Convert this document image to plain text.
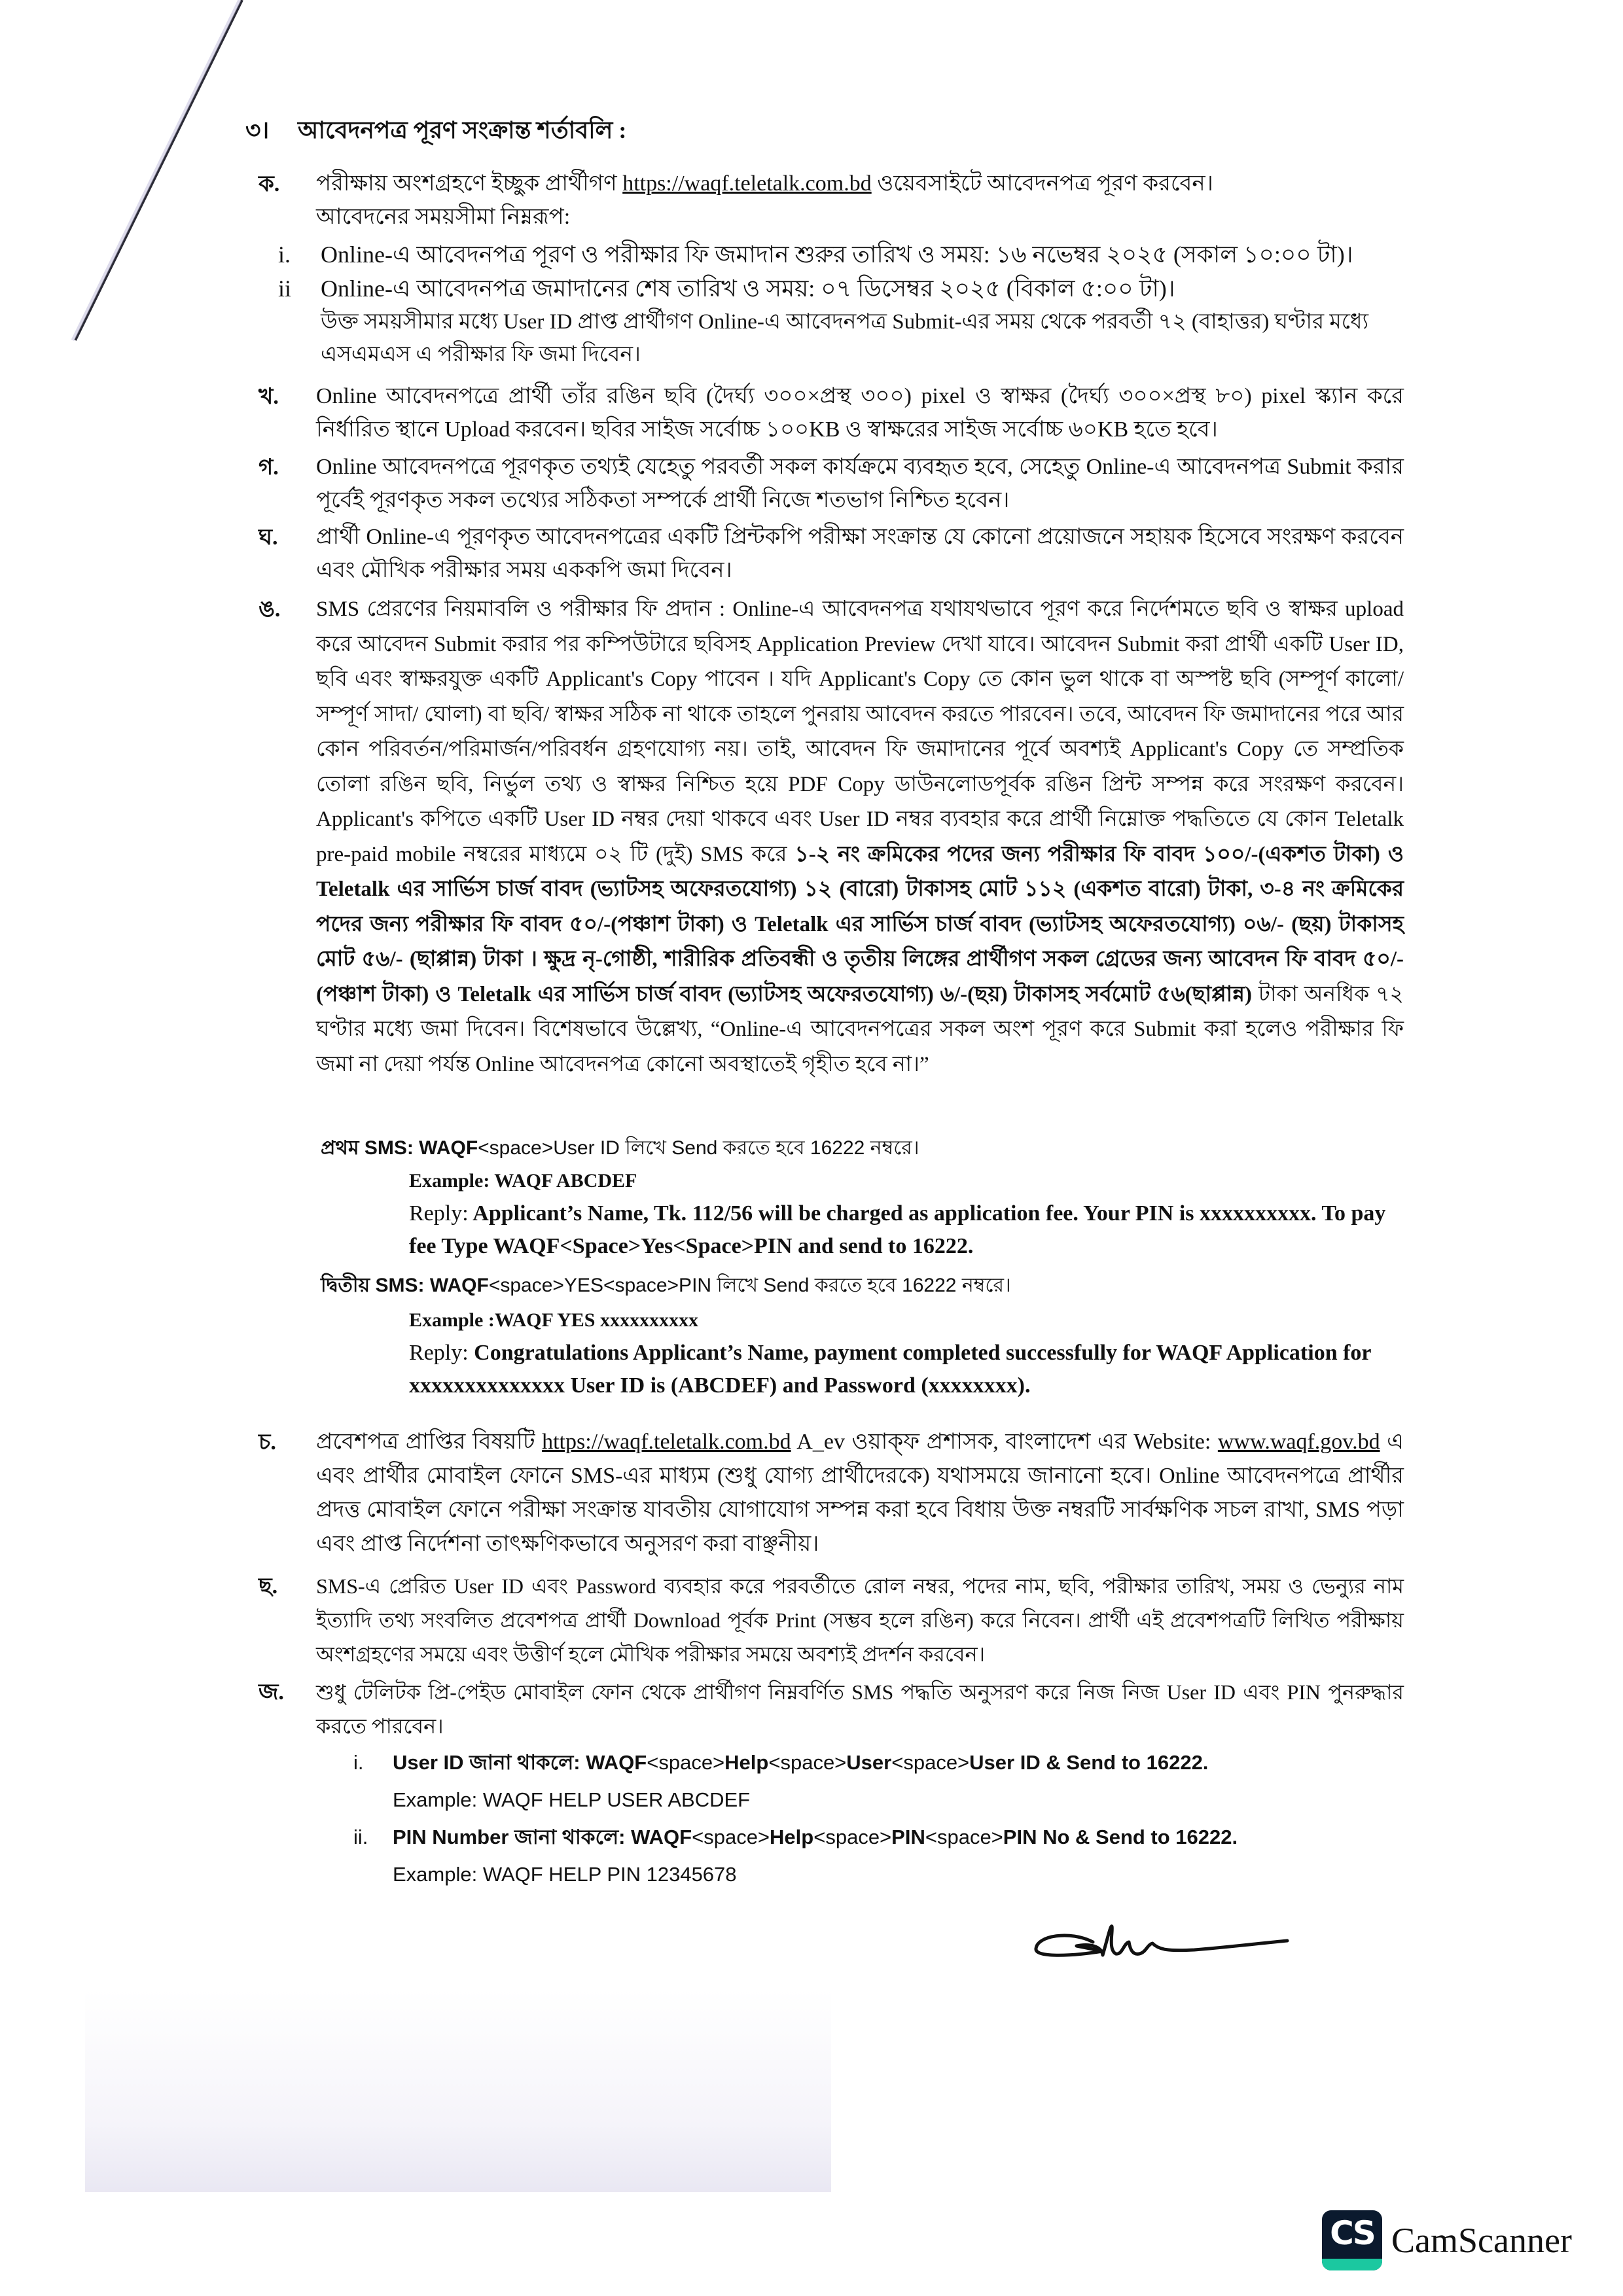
৩। আবেদনপত্র পূরণ সংক্রান্ত শর্তাবলি :
ক. পরীক্ষায় অংশগ্রহণে ইচ্ছুক প্রার্থীগণ https://waqf.teletalk.com.bd ওয়েবসাইটে আবেদনপত্র পূরণ করবেন।
আবেদনের সময়সীমা নিম্নরূপ:
i. Online-এ আবেদনপত্র পূরণ ও পরীক্ষার ফি জমাদান শুরুর তারিখ ও সময়: ১৬ নভেম্বর ২০২৫ (সকাল ১০:০০ টা)।
ii Online-এ আবেদনপত্র জমাদানের শেষ তারিখ ও সময়: ০৭ ডিসেম্বর ২০২৫ (বিকাল ৫:০০ টা)।
উক্ত সময়সীমার মধ্যে User ID প্রাপ্ত প্রার্থীগণ Online-এ আবেদনপত্র Submit-এর সময় থেকে পরবর্তী ৭২ (বাহাত্তর) ঘণ্টার মধ্যে এসএমএস এ পরীক্ষার ফি জমা দিবেন।
খ. Online আবেদনপত্রে প্রার্থী তাঁর রঙিন ছবি (দৈর্ঘ্য ৩০০×প্রস্থ ৩০০) pixel ও স্বাক্ষর (দৈর্ঘ্য ৩০০×প্রস্থ ৮০) pixel স্ক্যান করে নির্ধারিত স্থানে Upload করবেন। ছবির সাইজ সর্বোচ্চ ১০০KB ও স্বাক্ষরের সাইজ সর্বোচ্চ ৬০KB হতে হবে।
গ. Online আবেদনপত্রে পূরণকৃত তথ্যই যেহেতু পরবর্তী সকল কার্যক্রমে ব্যবহৃত হবে, সেহেতু Online-এ আবেদনপত্র Submit করার পূর্বেই পূরণকৃত সকল তথ্যের সঠিকতা সম্পর্কে প্রার্থী নিজে শতভাগ নিশ্চিত হবেন।
ঘ. প্রার্থী Online-এ পূরণকৃত আবেদনপত্রের একটি প্রিন্টকপি পরীক্ষা সংক্রান্ত যে কোনো প্রয়োজনে সহায়ক হিসেবে সংরক্ষণ করবেন এবং মৌখিক পরীক্ষার সময় এককপি জমা দিবেন।
ঙ. SMS প্রেরণের নিয়মাবলি ও পরীক্ষার ফি প্রদান : Online-এ আবেদনপত্র যথাযথভাবে পূরণ করে নির্দেশমতে ছবি ও স্বাক্ষর upload করে আবেদন Submit করার পর কম্পিউটারে ছবিসহ Application Preview দেখা যাবে। আবেদন Submit করা প্রার্থী একটি User ID, ছবি এবং স্বাক্ষরযুক্ত একটি Applicant's Copy পাবেন । যদি Applicant's Copy তে কোন ভুল থাকে বা অস্পষ্ট ছবি (সম্পূর্ণ কালো/ সম্পূর্ণ সাদা/ ঘোলা) বা ছবি/ স্বাক্ষর সঠিক না থাকে তাহলে পুনরায় আবেদন করতে পারবেন। তবে, আবেদন ফি জমাদানের পরে আর কোন পরিবর্তন/পরিমার্জন/পরিবর্ধন গ্রহণযোগ্য নয়। তাই, আবেদন ফি জমাদানের পূর্বে অবশ্যই Applicant's Copy তে সম্প্রতিক তোলা রঙিন ছবি, নির্ভুল তথ্য ও স্বাক্ষর নিশ্চিত হয়ে PDF Copy ডাউনলোডপূর্বক রঙিন প্রিন্ট সম্পন্ন করে সংরক্ষণ করবেন। Applicant's কপিতে একটি User ID নম্বর দেয়া থাকবে এবং User ID নম্বর ব্যবহার করে প্রার্থী নিম্নোক্ত পদ্ধতিতে যে কোন Teletalk pre-paid mobile নম্বরের মাধ্যমে ০২ টি (দুই) SMS করে ১-২ নং ক্রমিকের পদের জন্য পরীক্ষার ফি বাবদ ১০০/-(একশত টাকা) ও Teletalk এর সার্ভিস চার্জ বাবদ (ভ্যাটসহ অফেরতযোগ্য) ১২ (বারো) টাকাসহ মোট ১১২ (একশত বারো) টাকা, ৩-৪ নং ক্রমিকের পদের জন্য পরীক্ষার ফি বাবদ ৫০/-(পঞ্চাশ টাকা) ও Teletalk এর সার্ভিস চার্জ বাবদ (ভ্যাটসহ অফেরতযোগ্য) ০৬/- (ছয়) টাকাসহ মোট ৫৬/- (ছাপ্পান্ন) টাকা । ক্ষুদ্র নৃ-গোষ্ঠী, শারীরিক প্রতিবন্ধী ও তৃতীয় লিঙ্গের প্রার্থীগণ সকল গ্রেডের জন্য আবেদন ফি বাবদ ৫০/- (পঞ্চাশ টাকা) ও Teletalk এর সার্ভিস চার্জ বাবদ (ভ্যাটসহ অফেরতযোগ্য) ৬/-(ছয়) টাকাসহ সর্বমোট ৫৬(ছাপ্পান্ন) টাকা অনধিক ৭২ ঘণ্টার মধ্যে জমা দিবেন। বিশেষভাবে উল্লেখ্য, “Online-এ আবেদনপত্রের সকল অংশ পূরণ করে Submit করা হলেও পরীক্ষার ফি জমা না দেয়া পর্যন্ত Online আবেদনপত্র কোনো অবস্থাতেই গৃহীত হবে না।”
প্রথম SMS: WAQF<space>User ID লিখে Send করতে হবে 16222 নম্বরে।
Example: WAQF ABCDEF
Reply: Applicant’s Name, Tk. 112/56 will be charged as application fee. Your PIN is xxxxxxxxxx. To pay fee Type WAQF<Space>Yes<Space>PIN and send to 16222.
দ্বিতীয় SMS: WAQF<space>YES<space>PIN লিখে Send করতে হবে 16222 নম্বরে।
Example :WAQF YES xxxxxxxxxx
Reply: Congratulations Applicant’s Name, payment completed successfully for WAQF Application for xxxxxxxxxxxxxx User ID is (ABCDEF) and Password (xxxxxxxx).
চ. প্রবেশপত্র প্রাপ্তির বিষয়টি https://waqf.teletalk.com.bd A_ev ওয়াক্‌ফ প্রশাসক, বাংলাদেশ এর Website: www.waqf.gov.bd এ এবং প্রার্থীর মোবাইল ফোনে SMS-এর মাধ্যম (শুধু যোগ্য প্রার্থীদেরকে) যথাসময়ে জানানো হবে। Online আবেদনপত্রে প্রার্থীর প্রদত্ত মোবাইল ফোনে পরীক্ষা সংক্রান্ত যাবতীয় যোগাযোগ সম্পন্ন করা হবে বিধায় উক্ত নম্বরটি সার্বক্ষণিক সচল রাখা, SMS পড়া এবং প্রাপ্ত নির্দেশনা তাৎক্ষণিকভাবে অনুসরণ করা বাঞ্ছনীয়।
ছ. SMS-এ প্রেরিত User ID এবং Password ব্যবহার করে পরবর্তীতে রোল নম্বর, পদের নাম, ছবি, পরীক্ষার তারিখ, সময় ও ভেন্যুর নাম ইত্যাদি তথ্য সংবলিত প্রবেশপত্র প্রার্থী Download পূর্বক Print (সম্ভব হলে রঙিন) করে নিবেন। প্রার্থী এই প্রবেশপত্রটি লিখিত পরীক্ষায় অংশগ্রহণের সময়ে এবং উত্তীর্ণ হলে মৌখিক পরীক্ষার সময়ে অবশ্যই প্রদর্শন করবেন।
জ. শুধু টেলিটক প্রি-পেইড মোবাইল ফোন থেকে প্রার্থীগণ নিম্নবর্ণিত SMS পদ্ধতি অনুসরণ করে নিজ নিজ User ID এবং PIN পুনরুদ্ধার করতে পারবেন।
i. User ID জানা থাকলে: WAQF<space>Help<space>User<space>User ID & Send to 16222.
Example: WAQF HELP USER ABCDEF
ii. PIN Number জানা থাকলে: WAQF<space>Help<space>PIN<space>PIN No & Send to 16222.
Example: WAQF HELP PIN 12345678
CS CamScanner
